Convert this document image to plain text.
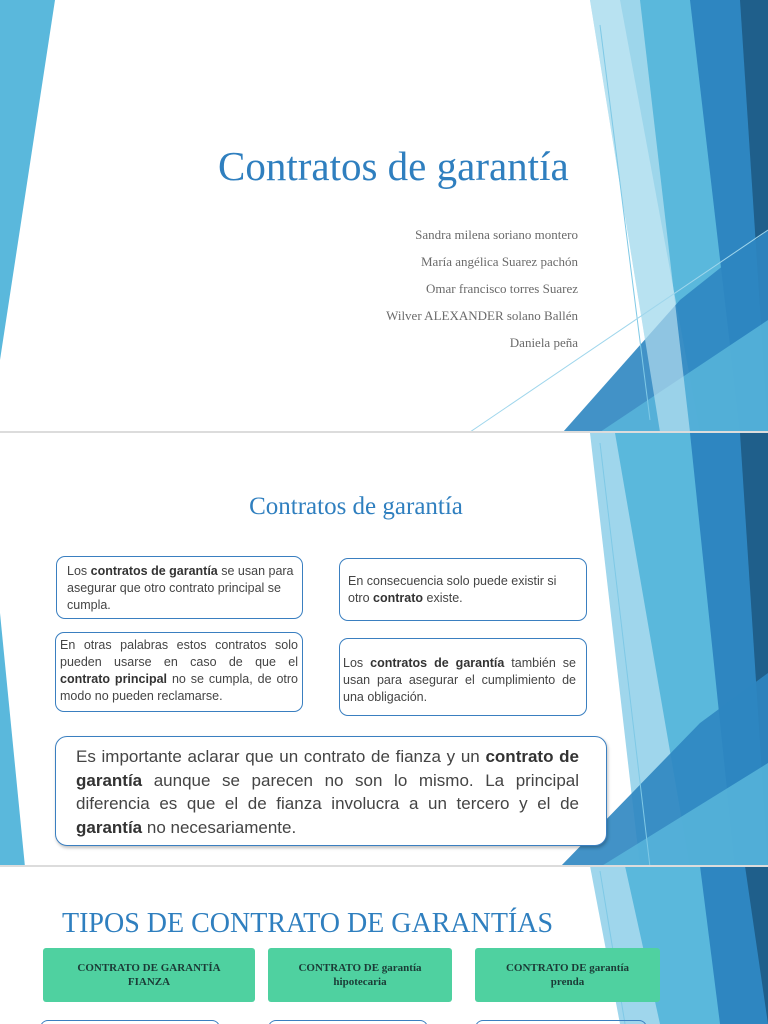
Contratos de garantía
Sandra milena soriano montero
María angélica Suarez pachón
Omar francisco torres Suarez
Wilver ALEXANDER solano Ballén
Daniela peña
Contratos de garantía
Los contratos de garantía se usan para asegurar que otro contrato principal se cumpla.
En consecuencia solo puede existir si otro contrato existe.
En otras palabras estos contratos solo pueden usarse en caso de que el contrato principal no se cumpla, de otro modo no pueden reclamarse.
Los contratos de garantía también se usan para asegurar el cumplimiento de una obligación.
Es importante aclarar que un contrato de fianza y un contrato de garantía aunque se parecen no son lo mismo. La principal diferencia es que el de fianza involucra a un tercero y el de garantía no necesariamente.
TIPOS DE CONTRATO DE GARANTÍAS
CONTRATO DE GARANTÍA
FIANZA
CONTRATO DE garantía
hipotecaria
CONTRATO DE garantía
prenda
